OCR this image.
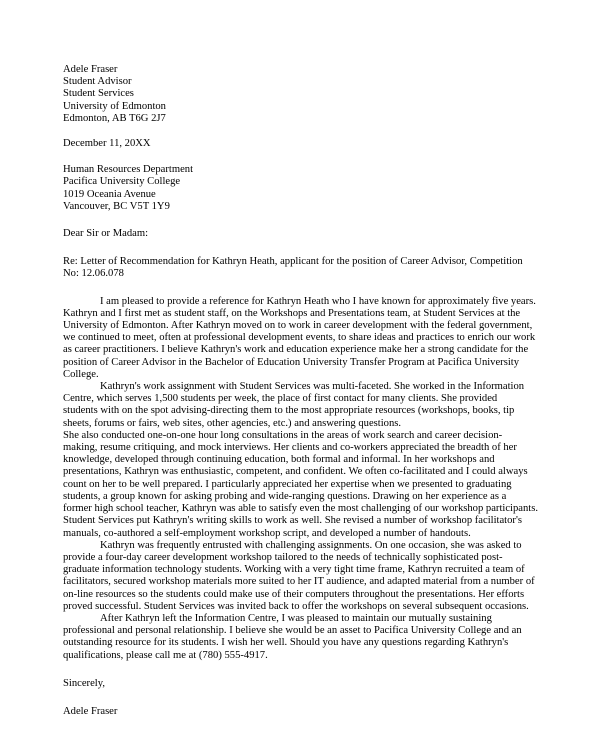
Adele Fraser
Student Advisor
Student Services
University of Edmonton
Edmonton, AB T6G 2J7
December 11, 20XX
Human Resources Department
Pacifica University College
1019 Oceania Avenue
Vancouver, BC V5T 1Y9
Dear Sir or Madam:
Re: Letter of Recommendation for Kathryn Heath, applicant for the position of Career Advisor, Competition
No: 12.06.078
I am pleased to provide a reference for Kathryn Heath who I have known for approximately five years.
Kathryn and I first met as student staff, on the Workshops and Presentations team, at Student Services at the
University of Edmonton. After Kathryn moved on to work in career development with the federal government,
we continued to meet, often at professional development events, to share ideas and practices to enrich our work
as career practitioners. I believe Kathryn's work and education experience make her a strong candidate for the
position of Career Advisor in the Bachelor of Education University Transfer Program at Pacifica University
College.
Kathryn's work assignment with Student Services was multi-faceted. She worked in the Information
Centre, which serves 1,500 students per week, the place of first contact for many clients. She provided
students with on the spot advising-directing them to the most appropriate resources (workshops, books, tip
sheets, forums or fairs, web sites, other agencies, etc.) and answering questions.
She also conducted one-on-one hour long consultations in the areas of work search and career decision-
making, resume critiquing, and mock interviews. Her clients and co-workers appreciated the breadth of her
knowledge, developed through continuing education, both formal and informal. In her workshops and
presentations, Kathryn was enthusiastic, competent, and confident. We often co-facilitated and I could always
count on her to be well prepared. I particularly appreciated her expertise when we presented to graduating
students, a group known for asking probing and wide-ranging questions. Drawing on her experience as a
former high school teacher, Kathryn was able to satisfy even the most challenging of our workshop participants.
Student Services put Kathryn's writing skills to work as well. She revised a number of workshop facilitator's
manuals, co-authored a self-employment workshop script, and developed a number of handouts.
Kathryn was frequently entrusted with challenging assignments. On one occasion, she was asked to
provide a four-day career development workshop tailored to the needs of technically sophisticated post-
graduate information technology students. Working with a very tight time frame, Kathryn recruited a team of
facilitators, secured workshop materials more suited to her IT audience, and adapted material from a number of
on-line resources so the students could make use of their computers throughout the presentations. Her efforts
proved successful. Student Services was invited back to offer the workshops on several subsequent occasions.
After Kathryn left the Information Centre, I was pleased to maintain our mutually sustaining
professional and personal relationship. I believe she would be an asset to Pacifica University College and an
outstanding resource for its students. I wish her well. Should you have any questions regarding Kathryn's
qualifications, please call me at (780) 555-4917.
Sincerely,
Adele Fraser
